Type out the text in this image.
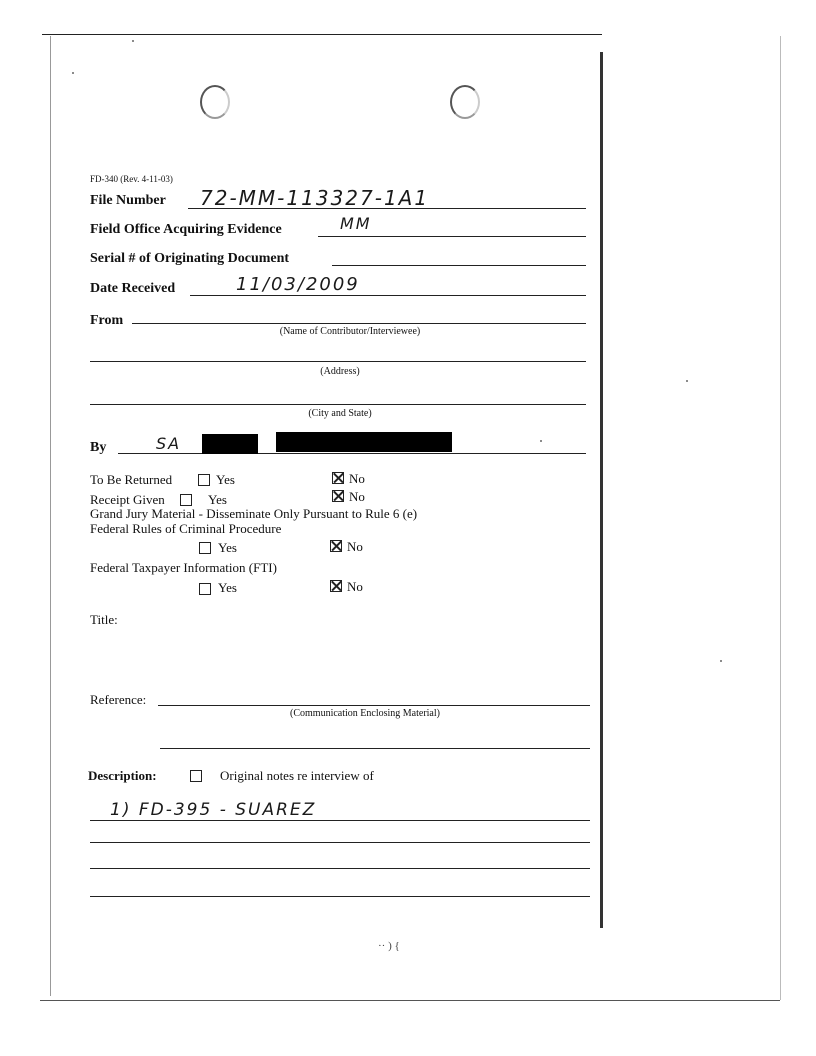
FD-340 (Rev. 4-11-03)
File Number 72-MM-113327-1A1
Field Office Acquiring Evidence	MM
Serial # of Originating Document
Date Received	11/03/2009
From
(Name of Contributor/Interviewee)
(Address)
(City and State)
By	SA
To Be Returned	Yes	No
Receipt Given	Yes	No
Grand Jury Material - Disseminate Only Pursuant to Rule 6 (e)
Federal Rules of Criminal Procedure
Yes	No
Federal Taxpayer Information (FTI)
Yes	No
Title:
Reference:
(Communication Enclosing Material)
Description:	Original notes re interview of
1) FD-395 - SUAREZ
·· ) {
